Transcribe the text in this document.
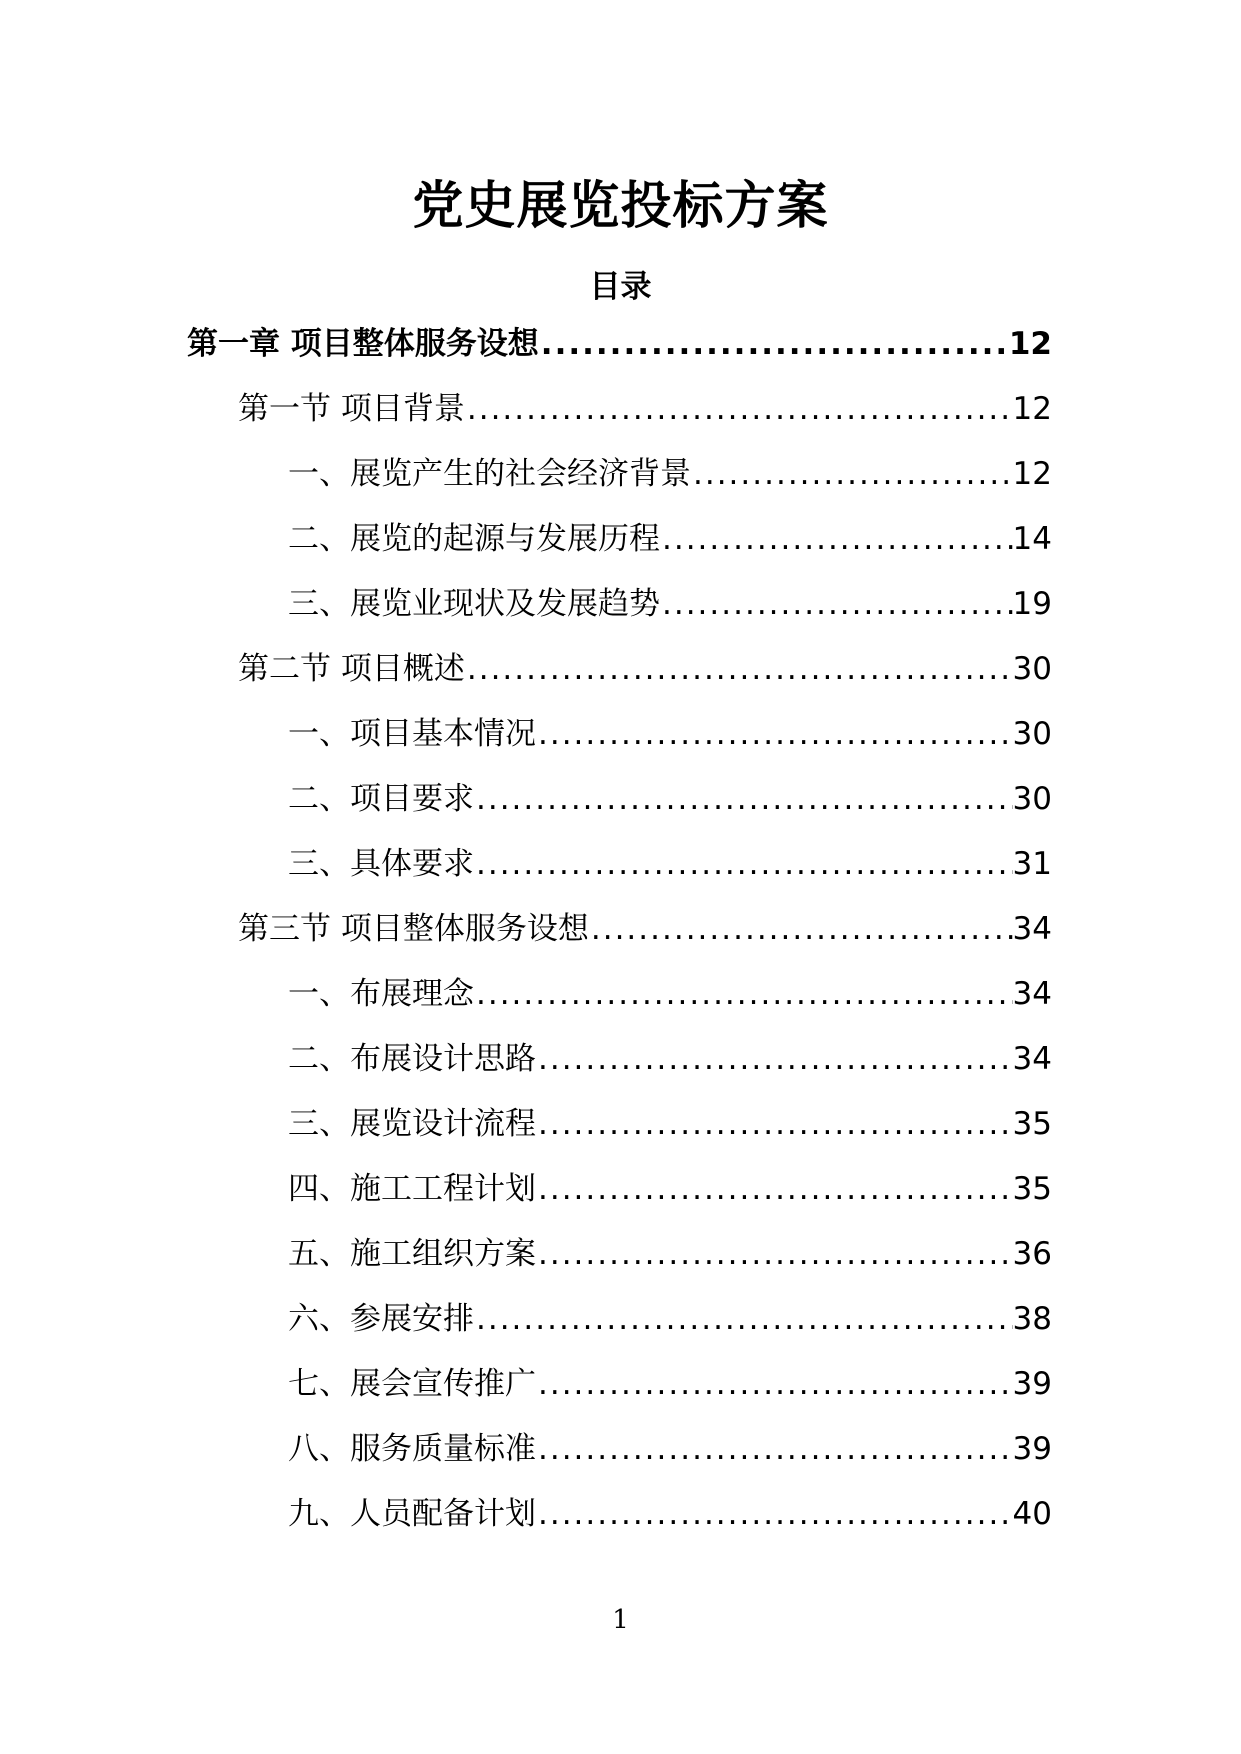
党史展览投标方案
目录
第一章 项目整体服务设想 .....	12
第一节 项目背景 .....	12
一、展览产生的社会经济背景 .....	12
二、展览的起源与发展历程 .....	14
三、展览业现状及发展趋势 .....	19
第二节 项目概述 .....	30
一、项目基本情况 .....	30
二、项目要求 .....	30
三、具体要求 .....	31
第三节 项目整体服务设想 .....	34
一、布展理念 .....	34
二、布展设计思路 .....	34
三、展览设计流程 .....	35
四、施工工程计划 .....	35
五、施工组织方案 .....	36
六、参展安排 .....	38
七、展会宣传推广 .....	39
八、服务质量标准 .....	39
九、人员配备计划 .....	40
1
